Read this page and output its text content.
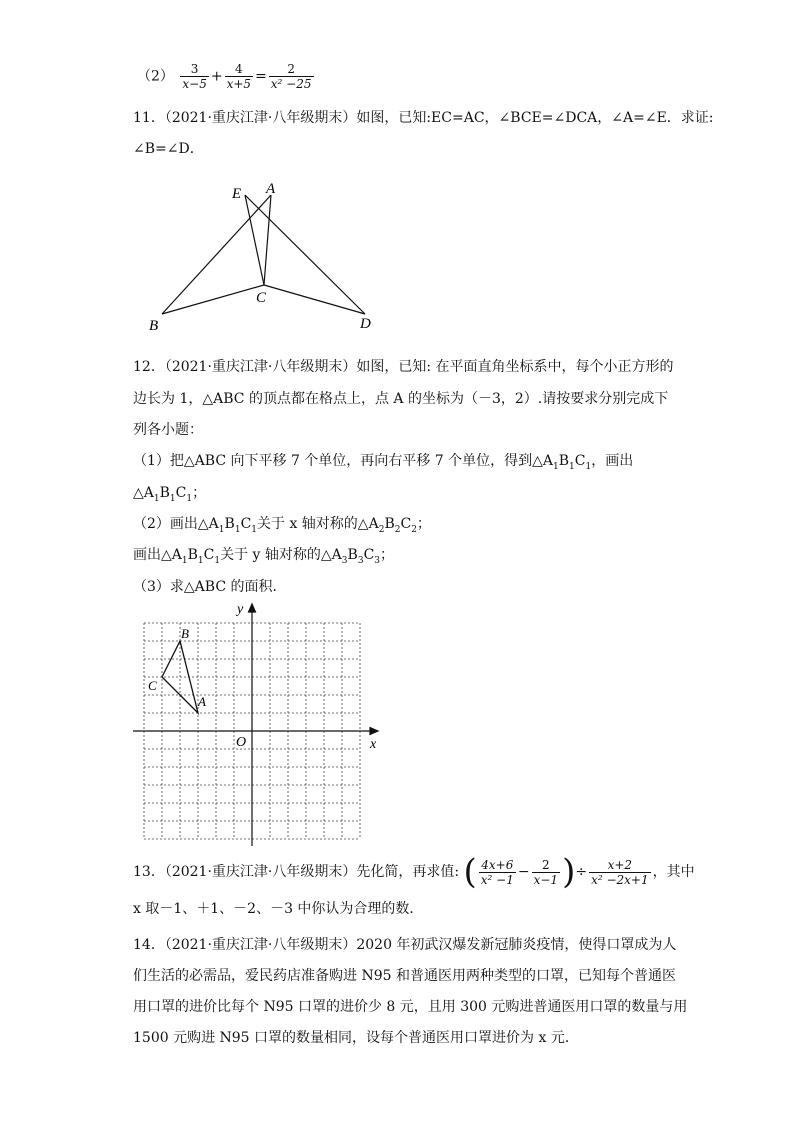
$(2) \frac{3}{x-5} + \frac{4}{x+5} = \frac{2}{\text{x² −25}}$
11．（2021·重庆江津·八年级期末）如图，已知:EC=AC，∠BCE=∠DCA，∠A=∠E．求证:
∠B=∠D．
E A
C
B	D
12．（2021·重庆江津·八年级期末）如图，已知: 在平面直角坐标系中，每个小正方形的
边长为 1，△ABC 的顶点都在格点上，点 A 的坐标为（－3，2）.请按要求分别完成下
列各小题：
（1）把△ABC 向下平移 7 个单位，再向右平移 7 个单位，得到$\triangle A_1B_1C_1$，画出
$\triangle A_1B_1C_1$；
（2）画出$\triangle A_1B_1C_1$关于 x 轴对称的$\triangle A_2B_2C_2$；
画出$\triangle A_1B_1C_1$关于 y 轴对称的$\triangle A_3B_3C_3$；
（3）求△ABC 的面积．
y
x
O
A
B
C
13．（2021·重庆江津·八年级期末）先化简，再求值: ( $\frac{4x+6}{\text{x² −1}} - \frac{2}{x-1}$ )÷ $\frac{x+2}{\text{x² −2x+1}}$ ，其中
x 取－1、＋1、－2、－3 中你认为合理的数．
14．（2021·重庆江津·八年级期末）2020 年初武汉爆发新冠肺炎疫情，使得口罩成为人
们生活的必需品，爱民药店准备购进 N95 和普通医用两种类型的口罩，已知每个普通医
用口罩的进价比每个 N95 口罩的进价少 8 元，且用 300 元购进普通医用口罩的数量与用
1500 元购进 N95 口罩的数量相同，设每个普通医用口罩进价为 x 元．
